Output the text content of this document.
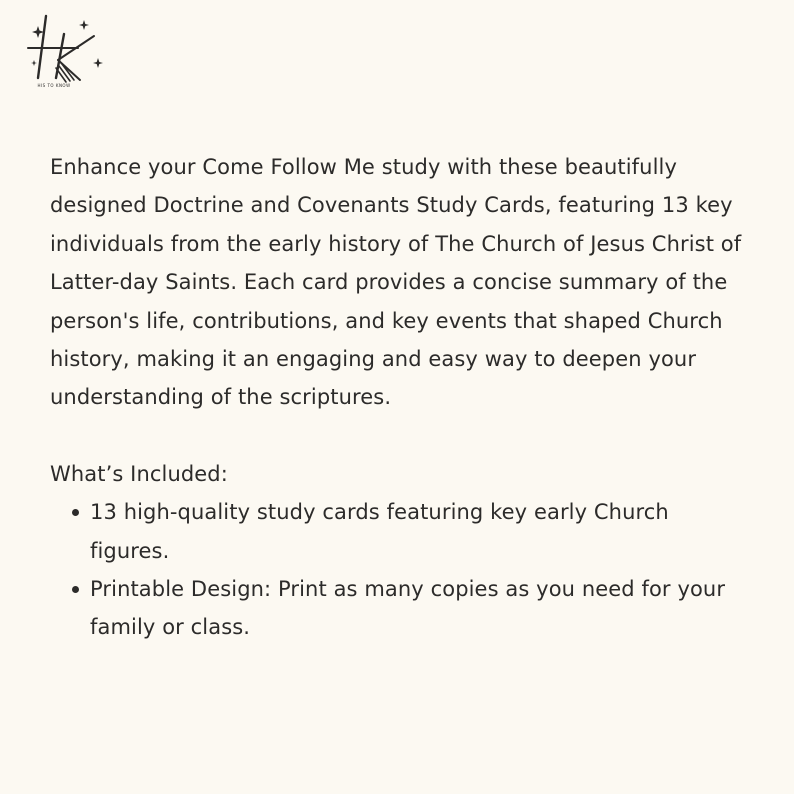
HIS TO KNOW

Enhance your Come Follow Me study with these beautifully designed Doctrine and Covenants Study Cards, featuring 13 key individuals from the early history of The Church of Jesus Christ of Latter-day Saints. Each card provides a concise summary of the person's life, contributions, and key events that shaped Church history, making it an engaging and easy way to deepen your understanding of the scriptures.

What’s Included:

13 high-quality study cards featuring key early Church figures.
Printable Design: Print as many copies as you need for your family or class.
